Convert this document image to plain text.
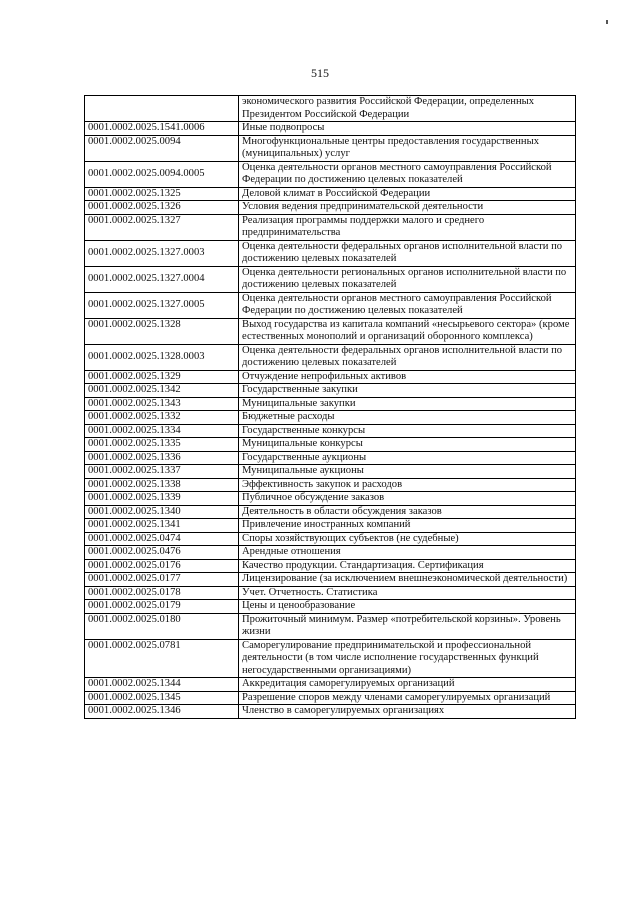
515
	экономического развития Российской Федерации, определенных Президентом Российской Федерации
0001.0002.0025.1541.0006	Иные подвопросы
0001.0002.0025.0094	Многофункциональные центры предоставления государственных (муниципальных) услуг
0001.0002.0025.0094.0005	Оценка деятельности органов местного самоуправления Российской Федерации по достижению целевых показателей
0001.0002.0025.1325	Деловой климат в Российской Федерации
0001.0002.0025.1326	Условия ведения предпринимательской деятельности
0001.0002.0025.1327	Реализация программы поддержки малого и среднего предпринимательства
0001.0002.0025.1327.0003	Оценка деятельности федеральных органов исполнительной власти по достижению целевых показателей
0001.0002.0025.1327.0004	Оценка деятельности региональных органов исполнительной власти по достижению целевых показателей
0001.0002.0025.1327.0005	Оценка деятельности органов местного самоуправления Российской Федерации по достижению целевых показателей
0001.0002.0025.1328	Выход государства из капитала компаний «несырьевого сектора» (кроме естественных монополий и организаций оборонного комплекса)
0001.0002.0025.1328.0003	Оценка деятельности федеральных органов исполнительной власти по достижению целевых показателей
0001.0002.0025.1329	Отчуждение непрофильных активов
0001.0002.0025.1342	Государственные закупки
0001.0002.0025.1343	Муниципальные закупки
0001.0002.0025.1332	Бюджетные расходы
0001.0002.0025.1334	Государственные конкурсы
0001.0002.0025.1335	Муниципальные конкурсы
0001.0002.0025.1336	Государственные аукционы
0001.0002.0025.1337	Муниципальные аукционы
0001.0002.0025.1338	Эффективность закупок и расходов
0001.0002.0025.1339	Публичное обсуждение заказов
0001.0002.0025.1340	Деятельность в области обсуждения заказов
0001.0002.0025.1341	Привлечение иностранных компаний
0001.0002.0025.0474	Споры хозяйствующих субъектов (не судебные)
0001.0002.0025.0476	Арендные отношения
0001.0002.0025.0176	Качество продукции. Стандартизация. Сертификация
0001.0002.0025.0177	Лицензирование (за исключением внешнеэкономической деятельности)
0001.0002.0025.0178	Учет. Отчетность. Статистика
0001.0002.0025.0179	Цены и ценообразование
0001.0002.0025.0180	Прожиточный минимум. Размер «потребительской корзины». Уровень жизни
0001.0002.0025.0781	Саморегулирование предпринимательской и профессиональной деятельности (в том числе исполнение государственных функций негосударственными организациями)
0001.0002.0025.1344	Аккредитация саморегулируемых организаций
0001.0002.0025.1345	Разрешение споров между членами саморегулируемых организаций
0001.0002.0025.1346	Членство в саморегулируемых организациях
